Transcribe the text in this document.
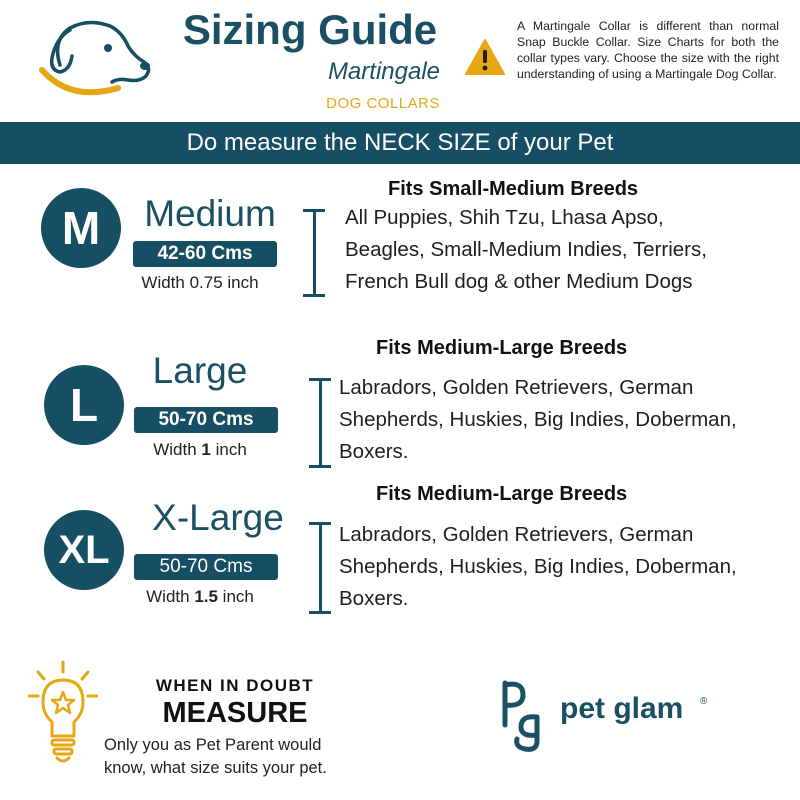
Sizing Guide
Martingale
DOG COLLARS
A Martingale Collar is different than normal Snap Buckle Collar. Size Charts for both the collar types vary. Choose the size with the right understanding of using a Martingale Dog Collar.
Do measure the NECK SIZE of your Pet
M	Medium
42-60 Cms
Width 0.75 inch
Fits Small-Medium Breeds
All Puppies, Shih Tzu, Lhasa Apso,
Beagles, Small-Medium Indies, Terriers,
French Bull dog & other Medium Dogs
L
Large
50-70 Cms
Width 1 inch
Fits Medium-Large Breeds
Labradors, Golden Retrievers, German
Shepherds, Huskies, Big Indies, Doberman,
Boxers.
XL
X-Large
50-70 Cms
Width 1.5 inch
Fits Medium-Large Breeds
Labradors, Golden Retrievers, German
Shepherds, Huskies, Big Indies, Doberman,
Boxers.
WHEN IN DOUBT
MEASURE
Only you as Pet Parent would
know, what size suits your pet.
pet glam ®
